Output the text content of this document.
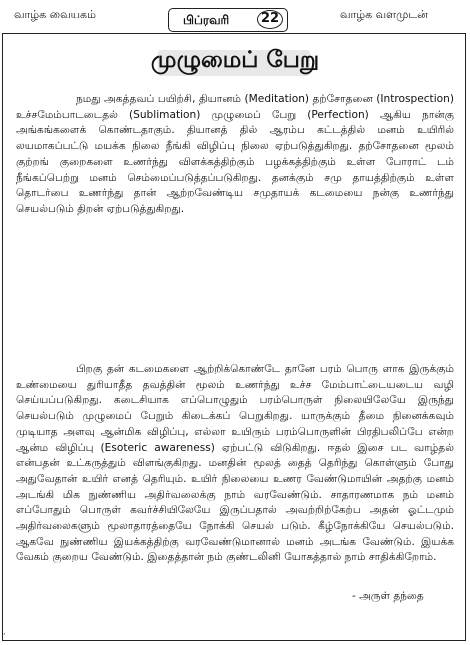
வாழ்க வையகம்	பிப்ரவரி	22	வாழ்க வளமுடன்
முழுமைப் பேறு

நமது அகத்தவப் பயிற்சி, தியானம் (Meditation) தற்சோதனை (Introspection) உச்சமேம்பாடடைதல் (Sublimation) முழுமைப் பேறு (Perfection) ஆகிய நான்கு அங்கங்களைக் கொண்டதாகும். தியானத் தில் ஆரம்ப கட்டத்தில் மனம் உயிரில் லயமாகப்பட்டு மயக்க நிலை நீங்கி விழிப்பு நிலை ஏற்படுத்துகிறது. தற்சோதனை மூலம் குற்றங் குறைகளை உணர்ந்து விளக்கத்திற்கும் பழக்கத்திற்கும் உள்ள போராட் டம் நீங்கப்பெற்று மனம் செம்மைப்படுத்தப்படுகிறது. தனக்கும் சமு தாயத்திற்கும் உள்ள தொடர்பை உணர்ந்து தான் ஆற்றவேண்டிய சமுதாயக் கடமையை நன்கு உணர்ந்து செயல்படும் திறன் ஏற்படுத்துகிறது.

பிறகு தன் கடமைகளை ஆற்றிக்கொண்டே தானே பரம் பொரு ளாக இருக்கும் உண்மையை துரியாதீத தவத்தின் மூலம் உணர்ந்து உச்ச மேம்பாட்டையடைய வழி செய்யப்படுகிறது. கடைசியாக எப்பொழுதும் பரம்பொருள் நிலையிலேயே இருந்து செயல்படும் முழுமைப் பேறும் கிடைக்கப் பெறுகிறது. யாருக்கும் தீமை நினைக்கவும் முடியாத அளவு ஆன்மிக விழிப்பு, எல்லா உயிரும் பரம்பொருளின் பிரதிபலிப்பே என்ற ஆன்ம விழிப்பு (Esoteric awareness) ஏற்பட்டு விடுகிறது. ஈதல் இசை பட வாழ்தல் என்பதன் உட்கருத்தும் விளங்குகிறது. மனதின் மூலத் தைத் தெரிந்து கொள்ளும் போது அதுவேதான் உயிர் எனத் தெரியும். உயிர் நிலையை உணர வேண்டுமாயின் அதற்கு மனம் அடங்கி மிக நுண்ணிய அதிர்வலைக்கு நாம் வரவேண்டும். சாதாரணமாக நம் மனம் எப்போதும் பொருள் கவர்ச்சியிலேயே இருப்பதால் அவற்றிற்கேற்ப அதன் ஓட்டமும் அதிர்வலைகளும் மூலாதாரத்தையே நோக்கி செயல் படும். கீழ்நோக்கியே செயல்படும். ஆகவே நுண்ணிய இயக்கத்திற்கு வரவேண்டுமானால் மனம் அடங்க வேண்டும். இயக்க வேகம் குறைய வேண்டும். இதைத்தான் நம் குண்டலினி யோகத்தால் நாம் சாதிக்கிறோம்.

- அருள் தந்தை
’
